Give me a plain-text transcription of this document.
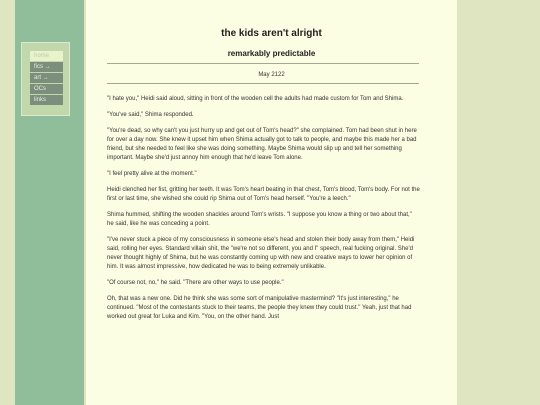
home
fics →
art →
OCs
links
the kids aren't alright
remarkably predictable
May 2122

"I hate you," Heidi said aloud, sitting in front of the wooden cell the adults had made custom for Tom and Shima.

"You've said," Shima responded.

"You're dead, so why can't you just hurry up and get out of Tom's head?" she complained. Tom had been shut in here for over a day now. She knew it upset him when Shima actually got to talk to people, and maybe this made her a bad friend, but she needed to feel like she was doing something. Maybe Shima would slip up and tell her something important. Maybe she'd just annoy him enough that he'd leave Tom alone.

"I feel pretty alive at the moment."

Heidi clenched her fist, gritting her teeth. It was Tom's heart beating in that chest, Tom's blood, Tom's body. For not the first or last time, she wished she could rip Shima out of Tom's head herself. "You're a leech."

Shima hummed, shifting the wooden shackles around Tom's wrists. "I suppose you know a thing or two about that," he said, like he was conceding a point.

"I've never stuck a piece of my consciousness in someone else's head and stolen their body away from them," Heidi said, rolling her eyes. Standard villain shit, the "we're not so different, you and I" speech, real fucking original. She'd never thought highly of Shima, but he was constantly coming up with new and creative ways to lower her opinion of him. It was almost impressive, how dedicated he was to being extremely unlikable.

"Of course not, no," he said. "There are other ways to use people."

Oh, that was a new one. Did he think she was some sort of manipulative mastermind? "It's just interesting," he continued. "Most of the contestants stuck to their teams, the people they knew they could trust." Yeah, just that had worked out great for Luka and Kim. "You, on the other hand. Just
